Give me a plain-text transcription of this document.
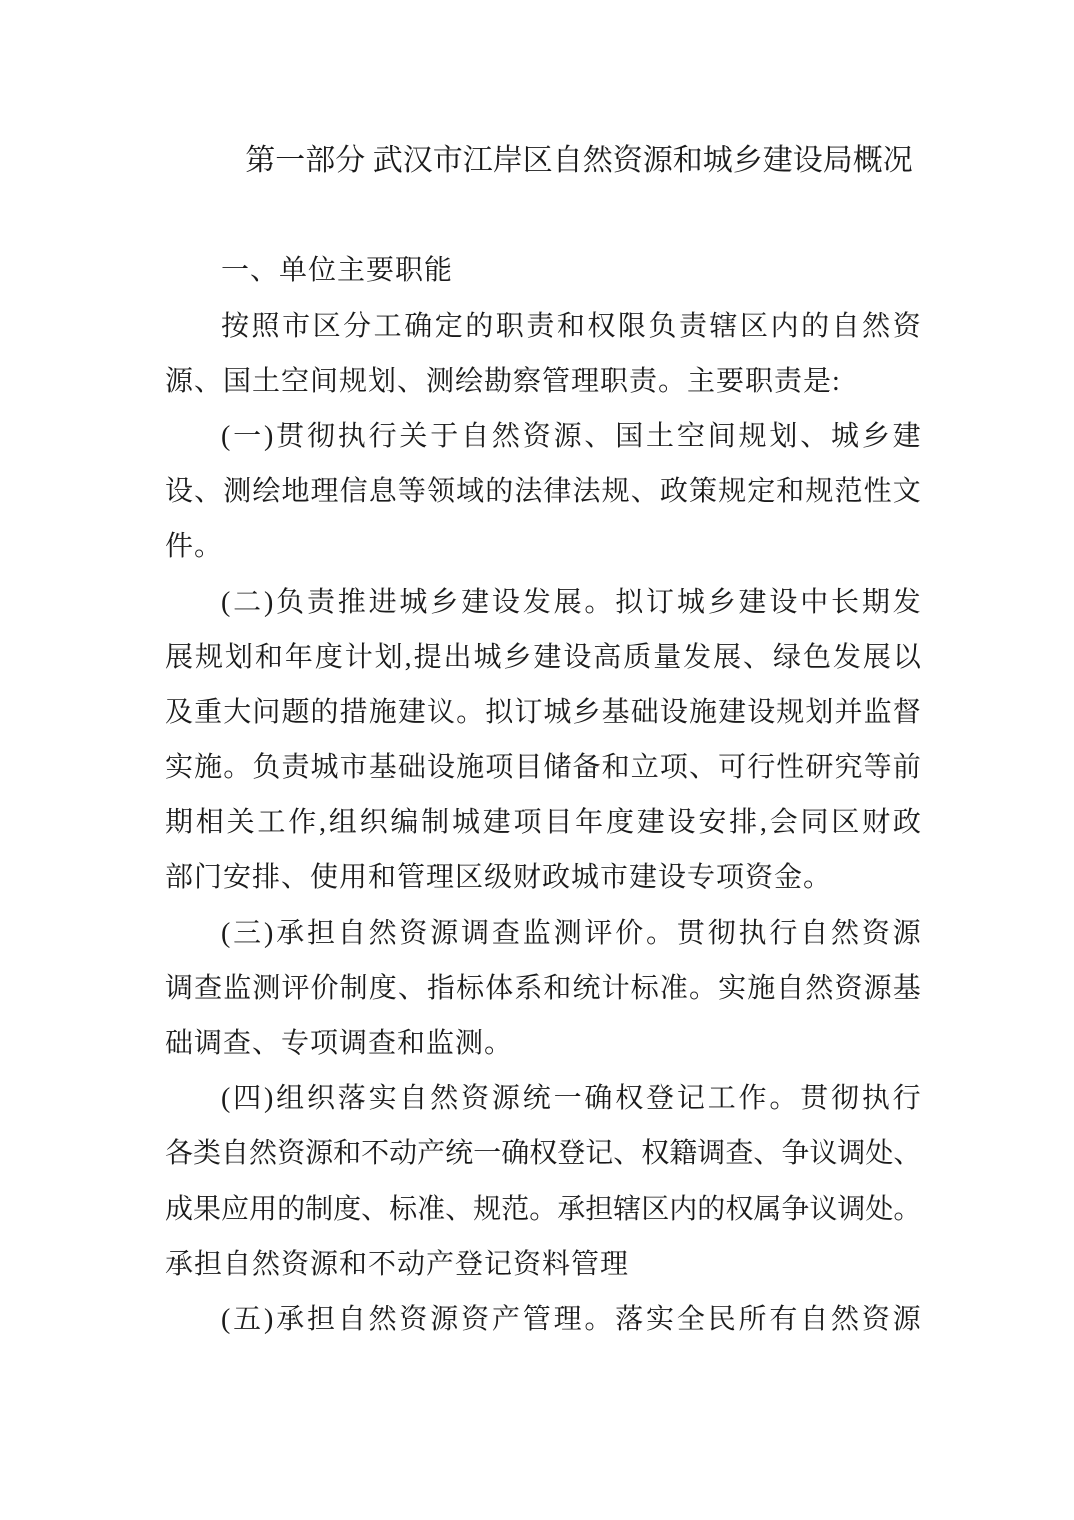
第一部分 武汉市江岸区自然资源和城乡建设局概况
一、单位主要职能
按 照 市 区 分 工 确 定 的 职 责 和 权 限 负 责 辖 区 内 的 自 然 资
源、国土空间规划、测绘勘察管理职责。主要职责是:
( 一 ) 贯 彻 执 行 关 于 自 然 资 源 、 国 土 空 间 规 划 、 城 乡 建
设 、 测 绘 地 理 信 息 等 领 域 的 法 律 法 规 、 政 策 规 定 和 规 范 性 文
件。
( 二 ) 负 责 推 进 城 乡 建 设 发 展 。 拟 订 城 乡 建 设 中 长 期 发
展 规 划 和 年 度 计 划 , 提 出 城 乡 建 设 高 质 量 发 展 、 绿 色 发 展 以
及 重 大 问 题 的 措 施 建 议 。 拟 订 城 乡 基 础 设 施 建 设 规 划 并 监 督
实 施 。 负 责 城 市 基 础 设 施 项 目 储 备 和 立 项 、 可 行 性 研 究 等 前
期 相 关 工 作 , 组 织 编 制 城 建 项 目 年 度 建 设 安 排 , 会 同 区 财 政
部门安排、使用和管理区级财政城市建设专项资金。
( 三 ) 承 担 自 然 资 源 调 查 监 测 评 价 。 贯 彻 执 行 自 然 资 源
调 查 监 测 评 价 制 度 、 指 标 体 系 和 统 计 标 准 。 实 施 自 然 资 源 基
础调查、专项调查和监测。
( 四 ) 组 织 落 实 自 然 资 源 统 一 确 权 登 记 工 作 。 贯 彻 执 行
各 类 自 然 资 源 和 不 动 产 统 一 确 权 登 记 、 权 籍 调 查 、 争 议 调 处 、
成 果 应 用 的 制 度 、 标 准 、 规 范 。 承 担 辖 区 内 的 权 属 争 议 调 处 。
承担自然资源和不动产登记资料管理
( 五 ) 承 担 自 然 资 源 资 产 管 理 。 落 实 全 民 所 有 自 然 资 源
